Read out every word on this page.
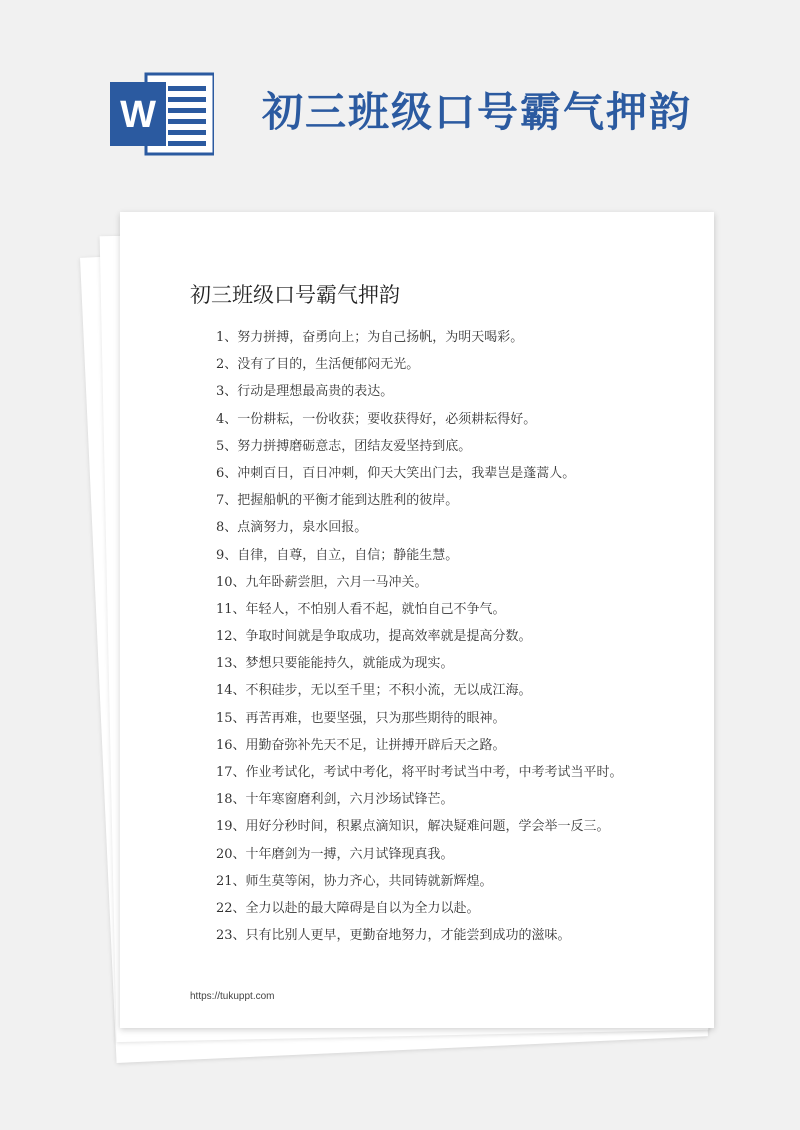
W	初三班级口号霸气押韵
初三班级口号霸气押韵
1、努力拼搏，奋勇向上；为自己扬帆，为明天喝彩。
2、没有了目的，生活便郁闷无光。
3、行动是理想最高贵的表达。
4、一份耕耘，一份收获；要收获得好，必须耕耘得好。
5、努力拼搏磨砺意志，团结友爱坚持到底。
6、冲刺百日，百日冲刺，仰天大笑出门去，我辈岂是蓬蒿人。
7、把握船帆的平衡才能到达胜利的彼岸。
8、点滴努力，泉水回报。
9、自律，自尊，自立，自信；静能生慧。
10、九年卧薪尝胆，六月一马冲关。
11、年轻人，不怕别人看不起，就怕自己不争气。
12、争取时间就是争取成功，提高效率就是提高分数。
13、梦想只要能能持久，就能成为现实。
14、不积硅步，无以至千里；不积小流，无以成江海。
15、再苦再难，也要坚强，只为那些期待的眼神。
16、用勤奋弥补先天不足，让拼搏开辟后天之路。
17、作业考试化，考试中考化，将平时考试当中考，中考考试当平时。
18、十年寒窗磨利剑，六月沙场试锋芒。
19、用好分秒时间，积累点滴知识，解决疑难问题，学会举一反三。
20、十年磨剑为一搏，六月试锋现真我。
21、师生莫等闲，协力齐心，共同铸就新辉煌。
22、全力以赴的最大障碍是自以为全力以赴。
23、只有比别人更早，更勤奋地努力，才能尝到成功的滋味。
https://tukuppt.com
